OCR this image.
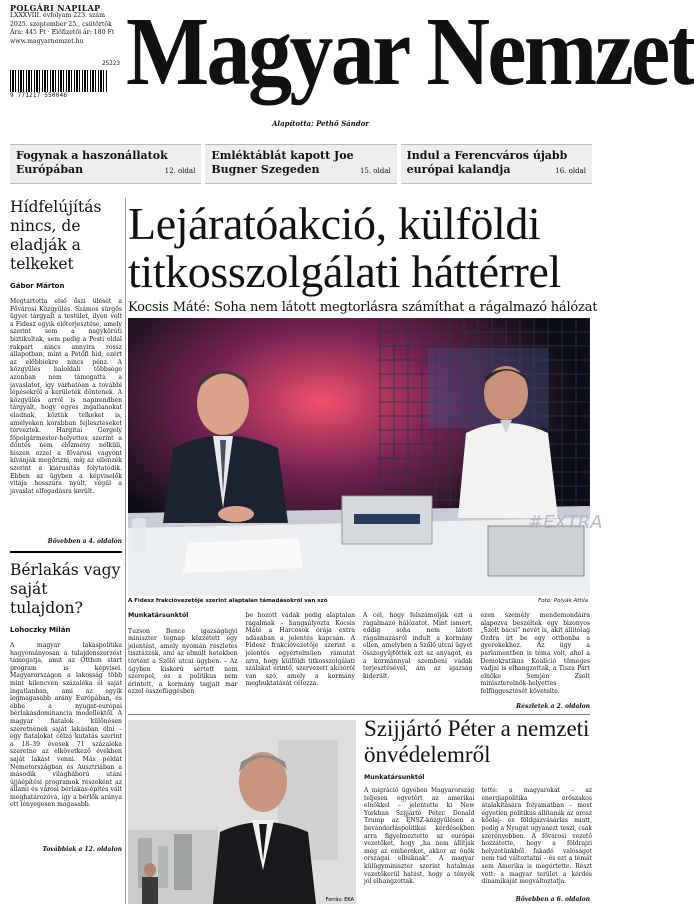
POLGÁRI NAPILAP
LXXXVIII. évfolyam 223. szám
2025. szeptember 25., csütörtök
Ára: 445 Ft · Előfizetői ár: 180 Ft
www.magyarnemzet.hu
25223
9 771217 550046 Magyar Nemzet
Alapította: Pethő Sándor
Fogynak a haszonállatok Európában	12. oldal
Emléktáblát kapott Joe Bugner Szegeden	15. oldal
Indul a Ferencváros újabb európai kalandja	16. oldal
Hídfelújítás nincs, de eladják a telkeket
Gábor Márton
Megtartotta első őszi ülését a Fővárosi Közgyűlés. Számos sürgős ügyet tárgyalt a testület, ilyen volt a Fidesz egyik előterjesztése, amely szerint sem a nagykörúti biztikultak, sem pedig a Pesti oldal rakpart nincs annyira rossz állapotban, mint a Petőfi híd, ezért az előbbiekre nincs pénz. A közgyűlés baloldali többsége azonban nem támogatta a javaslatot, így várhatóan a további lépésekről a kerületek döntenek. A közgyűlés arról is napirendben tárgyalt, hogy egyes ingatlanokat eladnak, köztük telkeket is, amelyeken korábban fejlesztéseket terveztek. Hargitai Gergely főpolgármester-helyettes szerint a döntés nem előzmény nélküli, hiszen ezzel a fővárosi vagyont kívánják megőrizni, míg az ellenzék szerint a kiárusítás folytatódik. Ebben az ügyben a képviselők vitája hosszúra nyúlt, végül a javaslat elfogadásra került.
Bővebben a 4. oldalon
Bérlakás vagy saját tulajdon?
Lohoczky Milán
A magyar lakáspolitika hagyományosan a tulajdonszerzést támogatja, amit az Otthon start program is képvisel. Magyarországon a lakosság több mint kilencven százaléka él saját ingatlanban, ami az egyik legmagasabb arány Európában, és ebbe a nyugat-európai bérlakásdominancia modellektől. A magyar fiatalok különösen szeretnének saját lakásban élni – egy fiatalokat célzó kutatás szerint a 18–39 évesek 71 százaléka szeretne az elkövetkező években saját lakást venni. Más példát Németországban és Ausztriában a második világháború utáni újjáépítési programok részeként az állami és városi bérlakás-építés vált meghatározóvá, így a bérlők aránya ott lényegesen magasabb.
Továbbiak a 12. oldalon
Lejáratóakció, külföldi titkosszolgálati háttérrel
Kocsis Máté: Soha nem látott megtorlásra számíthat a rágalmazó hálózat
#EXTRA
A Fidesz frakcióvezetője szerint alaptalan támadásokról van szó	Fotó: Polyák Attila
Munkatársunktól
Tuzson Bence igazságügyi miniszter tegnap közzétett egy jelentést, amely nyomán részletes tisztázzák, ami az elmúlt hetekben történt a Szőlő utcai ügyben. – Az ügyben kiskorú sértett nem szerepel, és a politikus nem érintett, a kormány tagjait már ezzel összefüggésben
be hozott vádak pedig alaptalan rágalmak – hangsúlyozta Kocsis Máté a Harcosok órája extra adásában a jelentés kapcsán. A Fidesz frakcióvezetője szerint a jelentés egyértelműen rámutat arra, hogy külföldi titkosszolgálati szálakat érintő, szervezett akcióról van szó, amely a kormány megbuktatását célozza.
A cél, hogy felszámolják ezt a rágalmazó hálózatot. Mint ismert, eddig soha nem látott rágalmazásról indult a kormány ellen, amelyben a Szőlő utcai ügyet összegyűjtötték ezt az anyagot, és a kormánnyal szembeni vádak terjesztésével, ám az igazság kiderült.
ezen személy mendemondáira alapozva beszéltek egy bizonyos „Szolt bácsi” nevét is, akit állítólag Ózdra írt be egy otthonba a gyerekekhez. Az ügy a parlamentben is téma volt, ahol a Demokratikus Koalíció tömeges vádjai is elhangzottak, a Tisza Párt elnöke Semjén Zsolt miniszterelnök-helyettes felfüggesztését követelte.
Részletek a 2. oldalon
Forrás: EKA
Szijjártó Péter a nemzeti önvédelemről
Munkatársunktól
A migráció ügyében Magyarország teljesen egyetért az amerikai elnökkel – jelentette ki New Yorkban Szijjártó Péter. Donald Trump az ENSZ-közgyűlésen a bevándorláspolitikai kérdésekben arra figyelmeztette az európai vezetőket, hogy „ha nem állítják meg az embereket, akkor az önök országai elbuknak”. A magyar külügyminiszter szerint hatalmas vezetőkerül hatást, hogy a tények jól elhangzottak.
tette: a magyarokat – az energiapolitika erőszakos átalakítására folyamatban – most egyetlen politikus állítanák az orosz kőolaj- és földgázvásárlás miatt, pedig a Nyugat ugyanezt teszi, csak szerényebben. A fővárosi vezető hozzátette, hogy a földrajzi helyzetünkből fakadó valóságot nem tud változtatni – és ezt a témát sem Amerika is megértette. Részt vett: a magyar terület a kérdés dinamikáját megváltoztatja.
Bővebben a 6. oldalon
